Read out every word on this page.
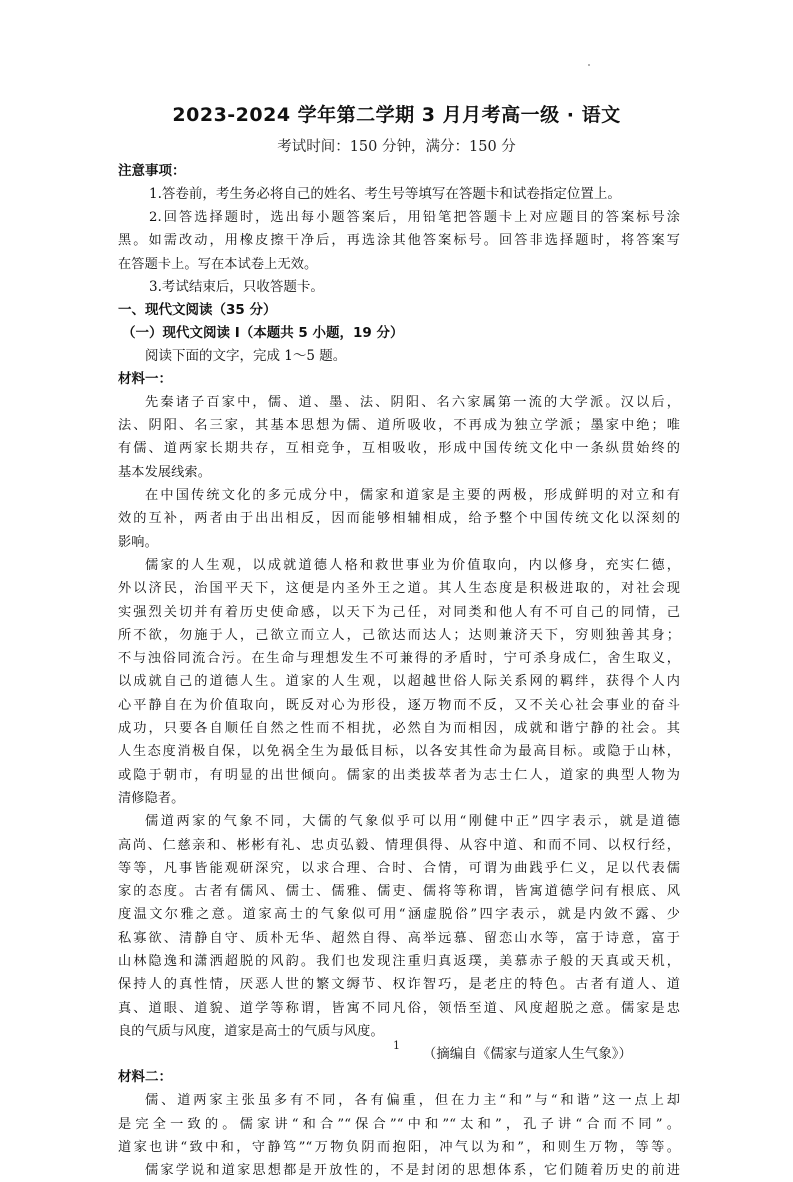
2023-2024 学年第二学期 3 月月考高一级 · 语文
考试时间：150 分钟，满分：150 分
注意事项：
1.答卷前，考生务必将自己的姓名、考生号等填写在答题卡和试卷指定位置上。
2.回答选择题时，选出每小题答案后，用铅笔把答题卡上对应题目的答案标号涂
黑。如需改动，用橡皮擦干净后，再选涂其他答案标号。回答非选择题时，将答案写
在答题卡上。写在本试卷上无效。
3.考试结束后，只收答题卡。
一、现代文阅读（35 分）
（一）现代文阅读 Ⅰ（本题共 5 小题，19 分）
阅读下面的文字，完成 1～5 题。
材料一：
先秦诸子百家中，儒、道、墨、法、阴阳、名六家属第一流的大学派。汉以后，
法、阴阳、名三家，其基本思想为儒、道所吸收，不再成为独立学派；墨家中绝；唯
有儒、道两家长期共存，互相竞争，互相吸收，形成中国传统文化中一条纵贯始终的
基本发展线索。
在中国传统文化的多元成分中，儒家和道家是主要的两极，形成鲜明的对立和有
效的互补，两者由于出出相反，因而能够相辅相成，给予整个中国传统文化以深刻的
影响。
儒家的人生观，以成就道德人格和救世事业为价值取向，内以修身，充实仁德，
外以济民，治国平天下，这便是内圣外王之道。其人生态度是积极进取的，对社会现
实强烈关切并有着历史使命感，以天下为己任，对同类和他人有不可自己的同情，己
所不欲，勿施于人，己欲立而立人，己欲达而达人；达则兼济天下，穷则独善其身；
不与浊俗同流合污。在生命与理想发生不可兼得的矛盾时，宁可杀身成仁，舍生取义，
以成就自己的道德人生。道家的人生观，以超越世俗人际关系网的羁绊，获得个人内
心平静自在为价值取向，既反对心为形役，逐万物而不反，又不关心社会事业的奋斗
成功，只要各自顺任自然之性而不相扰，必然自为而相因，成就和谐宁静的社会。其
人生态度消极自保，以免祸全生为最低目标，以各安其性命为最高目标。或隐于山林，
或隐于朝市，有明显的出世倾向。儒家的出类拔萃者为志士仁人，道家的典型人物为
清修隐者。
儒道两家的气象不同，大儒的气象似乎可以用“刚健中正”四字表示，就是道德
高尚、仁慈亲和、彬彬有礼、忠贞弘毅、情理俱得、从容中道、和而不同、以权行经，
等等，凡事皆能观研深究，以求合理、合时、合情，可谓为曲践乎仁义，足以代表儒
家的态度。古者有儒风、儒士、儒雅、儒吏、儒将等称谓，皆寓道德学问有根底、风
度温文尔雅之意。道家高士的气象似可用“涵虚脱俗”四字表示，就是内敛不露、少
私寡欲、清静自守、质朴无华、超然自得、高举远慕、留恋山水等，富于诗意，富于
山林隐逸和潇洒超脱的风韵。我们也发现注重归真返璞，美慕赤子般的天真或天机，
保持人的真性情，厌恶人世的繁文缛节、权诈智巧，是老庄的特色。古者有道人、道
真、道眼、道貌、道学等称谓，皆寓不同凡俗，领悟至道、风度超脱之意。儒家是忠
良的气质与风度，道家是高士的气质与风度。
（摘编自《儒家与道家人生气象》）
材料二：
儒、道两家主张虽多有不同，各有偏重，但在力主“和”与“和谐”这一点上却
是完全一致的。儒家讲“和合”“保合”“中和”“太和”，孔子讲“合而不同”。
道家也讲“致中和，守静笃”“万物负阴而抱阳，冲气以为和”，和则生万物，等等。
儒家学说和道家思想都是开放性的，不是封闭的思想体系，它们随着历史的前进
1
